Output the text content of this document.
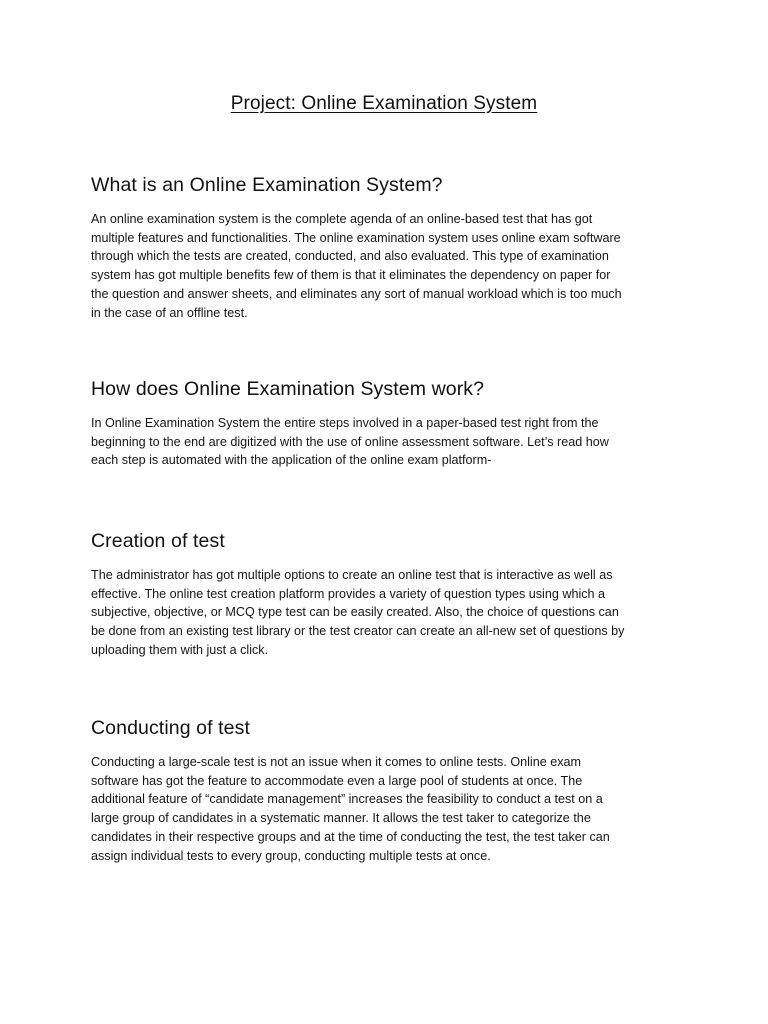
Project: Online Examination System
What is an Online Examination System?

An online examination system is the complete agenda of an online-based test that has got
multiple features and functionalities. The online examination system uses online exam software
through which the tests are created, conducted, and also evaluated. This type of examination
system has got multiple benefits few of them is that it eliminates the dependency on paper for
the question and answer sheets, and eliminates any sort of manual workload which is too much
in the case of an offline test.

How does Online Examination System work?

In Online Examination System the entire steps involved in a paper-based test right from the
beginning to the end are digitized with the use of online assessment software. Let’s read how
each step is automated with the application of the online exam platform-

Creation of test

The administrator has got multiple options to create an online test that is interactive as well as
effective. The online test creation platform provides a variety of question types using which a
subjective, objective, or MCQ type test can be easily created. Also, the choice of questions can
be done from an existing test library or the test creator can create an all-new set of questions by
uploading them with just a click.

Conducting of test

Conducting a large-scale test is not an issue when it comes to online tests. Online exam
software has got the feature to accommodate even a large pool of students at once. The
additional feature of “candidate management” increases the feasibility to conduct a test on a
large group of candidates in a systematic manner. It allows the test taker to categorize the
candidates in their respective groups and at the time of conducting the test, the test taker can
assign individual tests to every group, conducting multiple tests at once.
